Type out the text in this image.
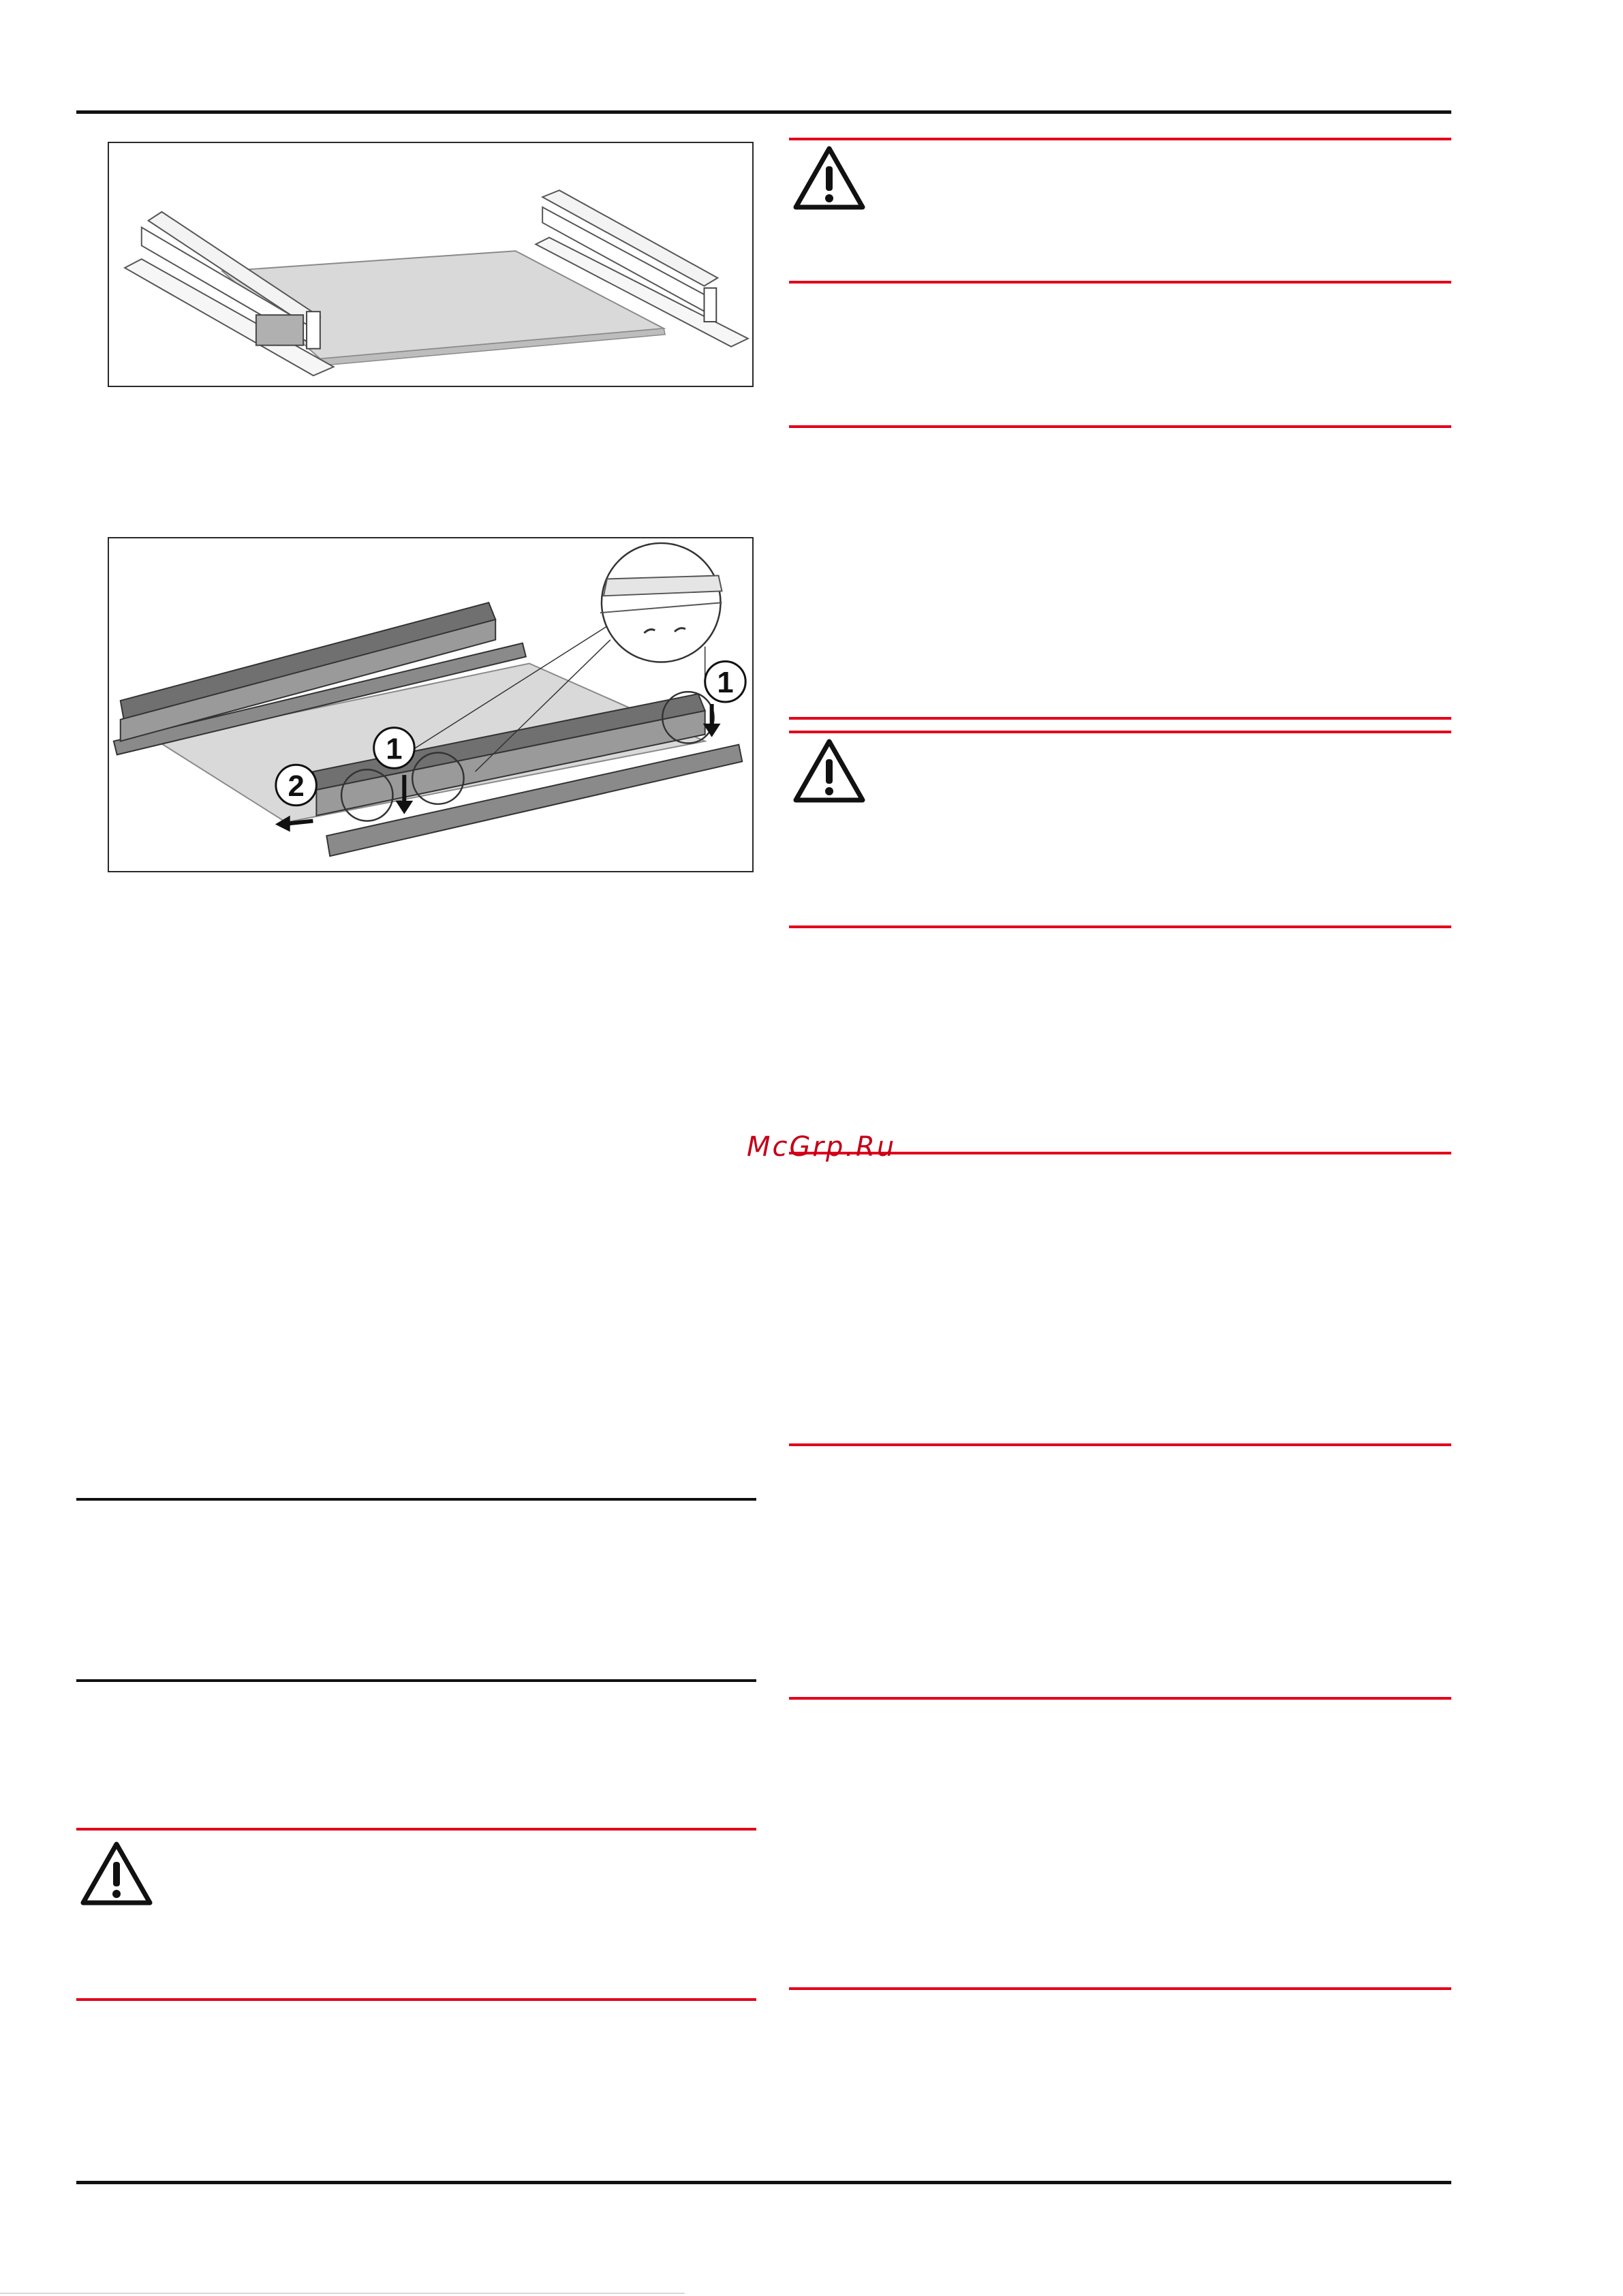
1
1
2
McGrp.Ru
